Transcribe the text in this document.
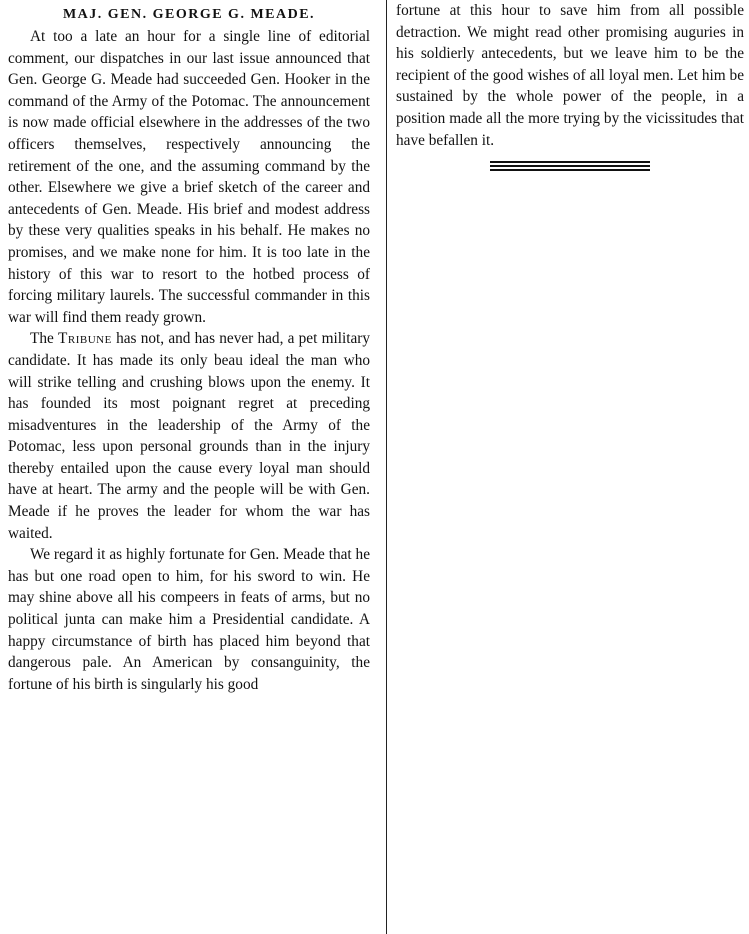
MAJ. GEN. GEORGE G. MEADE.

At too a late an hour for a single line of editorial comment, our dispatches in our last issue announced that Gen. George G. Meade had succeeded Gen. Hooker in the command of the Army of the Potomac. The announcement is now made official elsewhere in the addresses of the two officers themselves, respectively announcing the retirement of the one, and the assuming command by the other. Elsewhere we give a brief sketch of the career and antecedents of Gen. Meade. His brief and modest address by these very qualities speaks in his behalf. He makes no promises, and we make none for him. It is too late in the history of this war to resort to the hotbed process of forcing military laurels. The successful commander in this war will find them ready grown.

The Tribune has not, and has never had, a pet military candidate. It has made its only beau ideal the man who will strike telling and crushing blows upon the enemy. It has founded its most poignant regret at preceding misadventures in the leadership of the Army of the Potomac, less upon personal grounds than in the injury thereby entailed upon the cause every loyal man should have at heart. The army and the people will be with Gen. Meade if he proves the leader for whom the war has waited.

We regard it as highly fortunate for Gen. Meade that he has but one road open to him, for his sword to win. He may shine above all his compeers in feats of arms, but no political junta can make him a Presidential candidate. A happy circumstance of birth has placed him beyond that dangerous pale. An American by consanguinity, the fortune of his birth is singularly his good

fortune at this hour to save him from all possible detraction. We might read other promising auguries in his soldierly antecedents, but we leave him to be the recipient of the good wishes of all loyal men. Let him be sustained by the whole power of the people, in a position made all the more trying by the vicissitudes that have befallen it.
